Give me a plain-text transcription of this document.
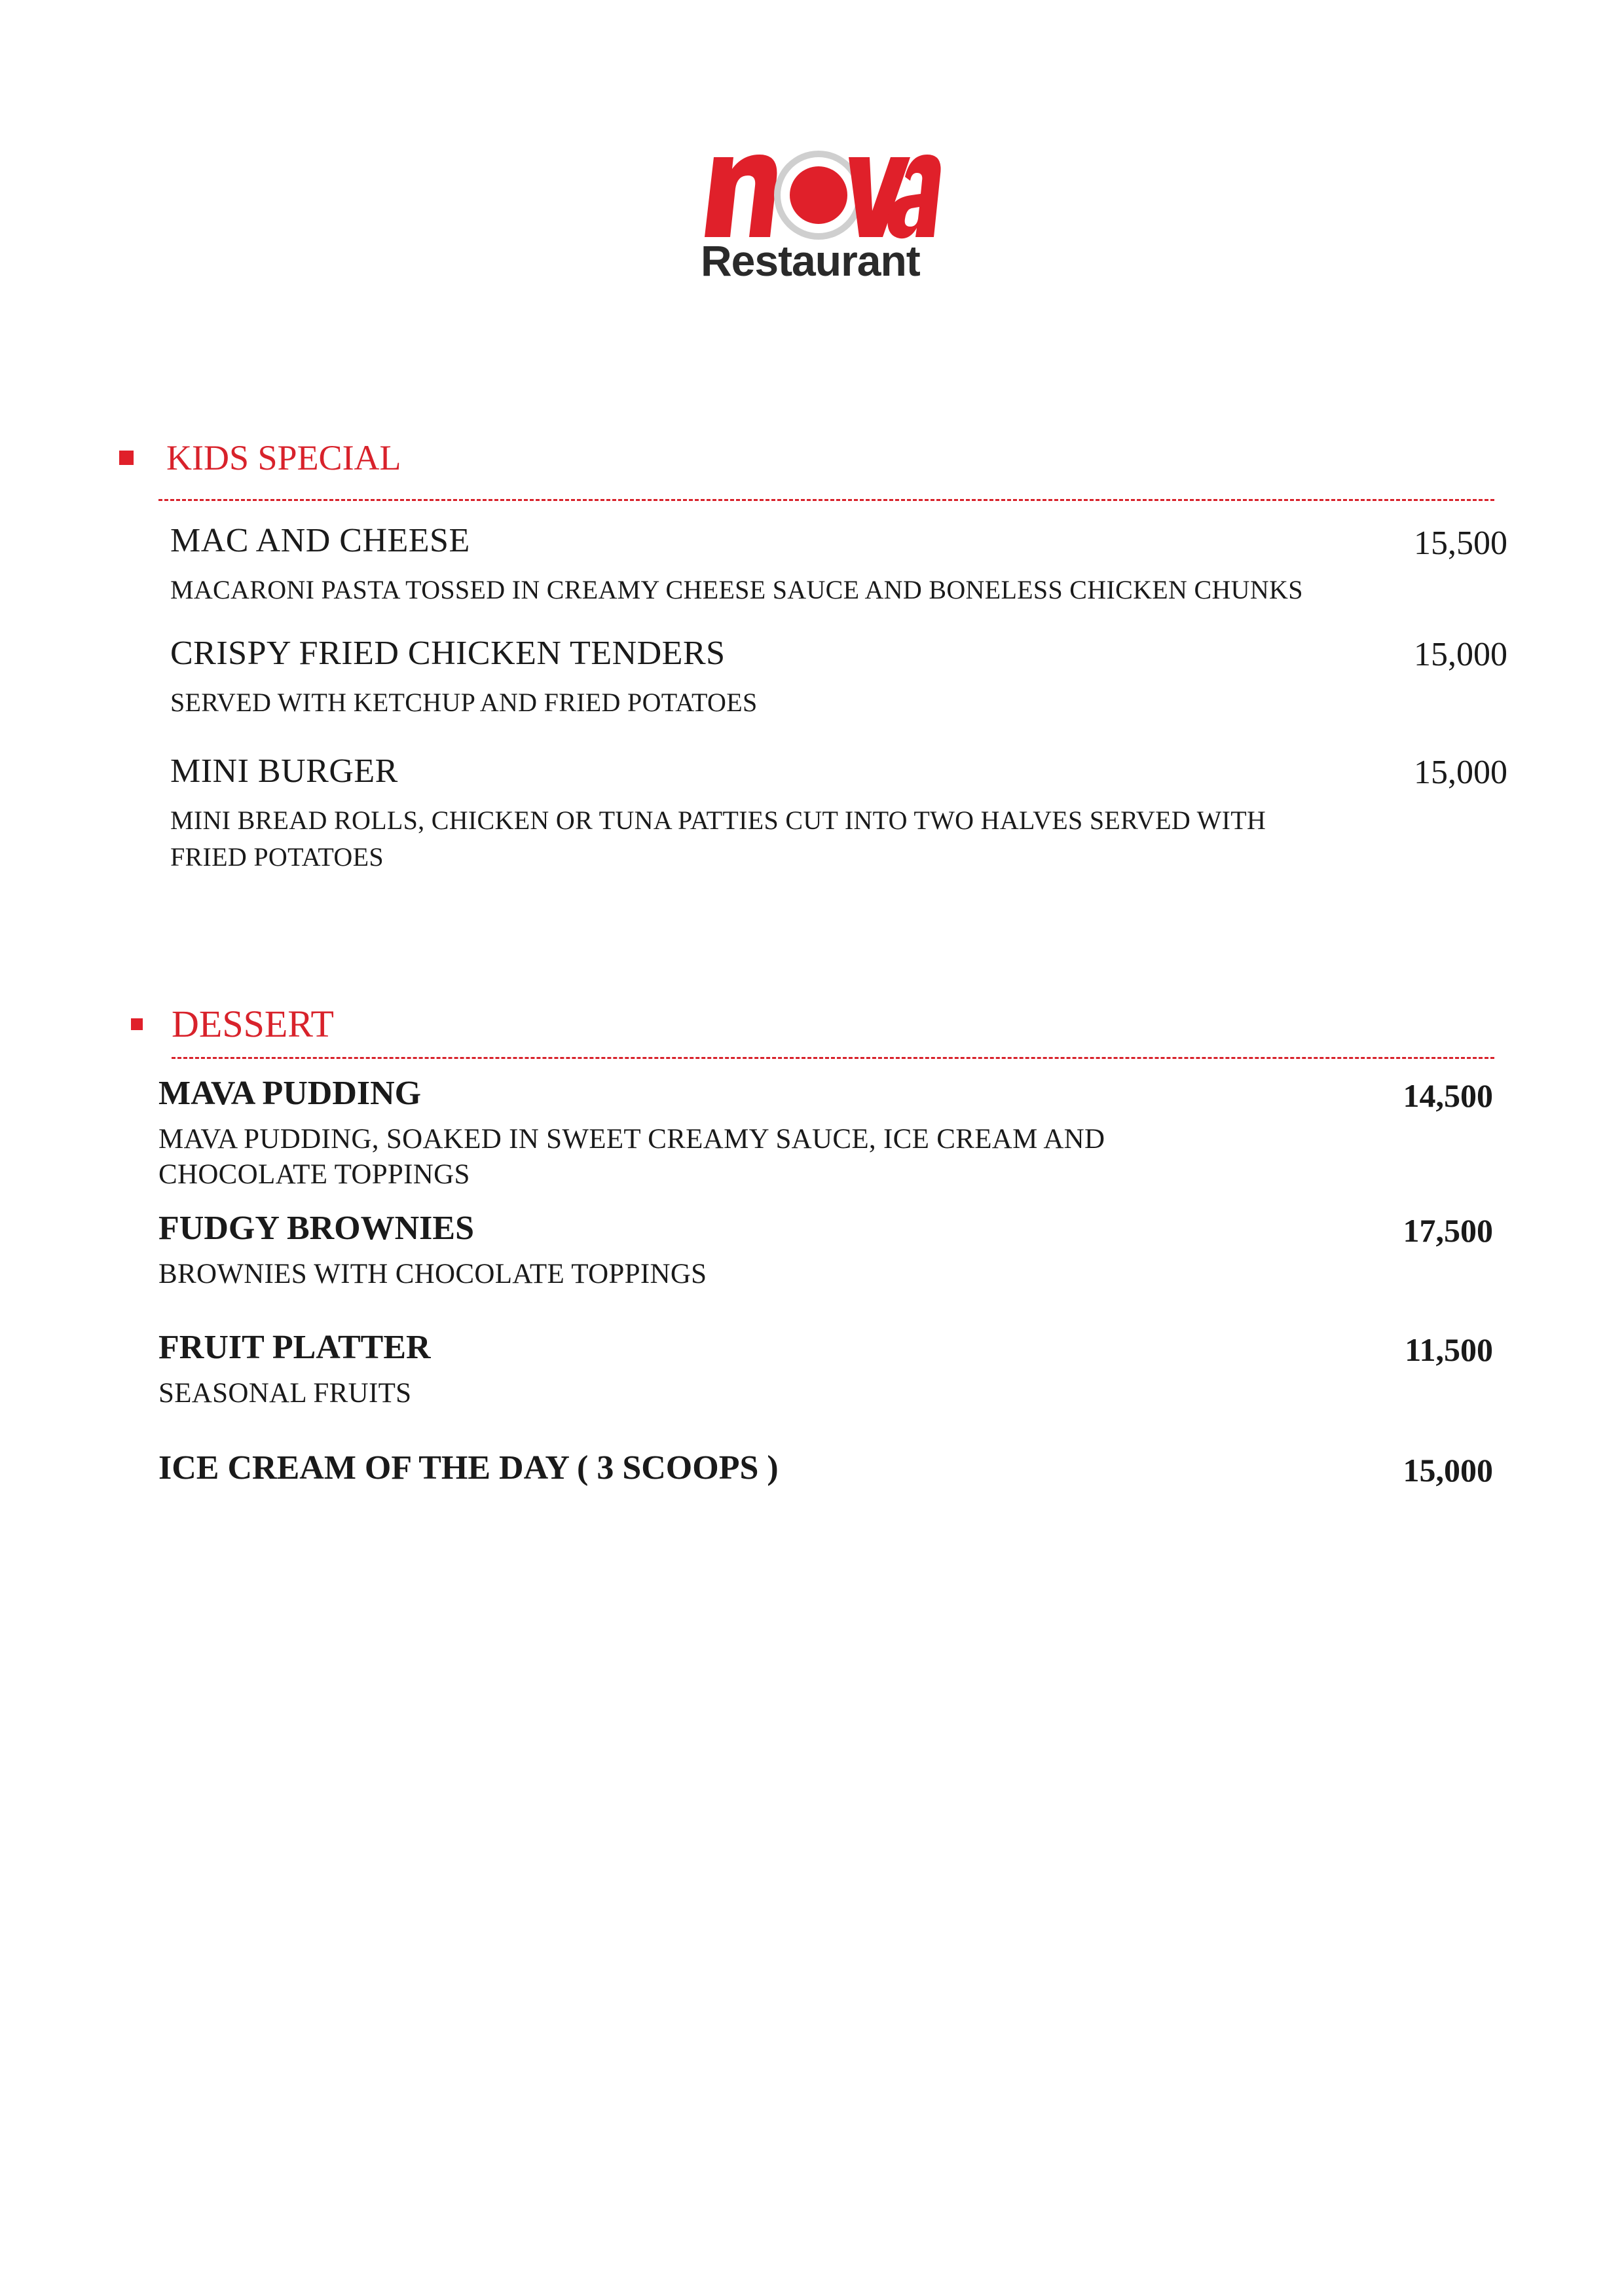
Restaurant
KIDS SPECIAL
MAC AND CHEESE
MACARONI PASTA TOSSED IN CREAMY CHEESE SAUCE AND BONELESS CHICKEN CHUNKS
15,500
CRISPY FRIED CHICKEN TENDERS
SERVED WITH KETCHUP AND FRIED POTATOES
15,000
MINI BURGER
MINI BREAD ROLLS, CHICKEN OR TUNA PATTIES CUT INTO TWO HALVES SERVED WITH FRIED POTATOES
15,000
DESSERT
MAVA PUDDING
MAVA PUDDING, SOAKED IN SWEET CREAMY SAUCE, ICE CREAM AND CHOCOLATE TOPPINGS
14,500
FUDGY BROWNIES
BROWNIES WITH CHOCOLATE TOPPINGS
17,500
FRUIT PLATTER
SEASONAL FRUITS
11,500
ICE CREAM OF THE DAY ( 3 SCOOPS )	15,000
